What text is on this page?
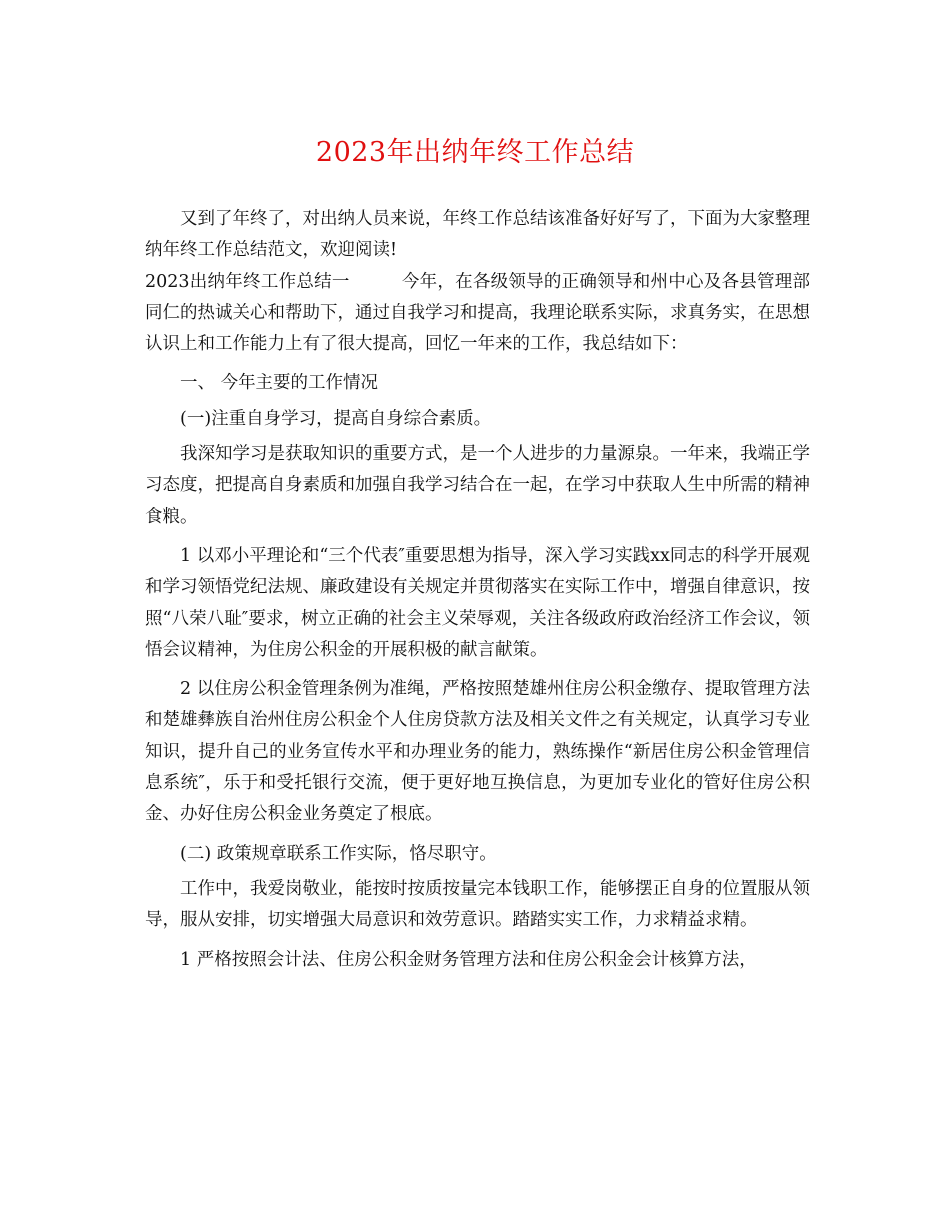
2023年出纳年终工作总结

又到了年终了，对出纳人员来说，年终工作总结该准备好好写了，下面为大家整理纳年终工作总结范文，欢迎阅读!

2023出纳年终工作总结一	今年，在各级领导的正确领导和州中心及各县管理部同仁的热诚关心和帮助下，通过自我学习和提高，我理论联系实际，求真务实，在思想认识上和工作能力上有了很大提高，回忆一年来的工作，我总结如下：

一、 今年主要的工作情况

(一)注重自身学习，提高自身综合素质。

我深知学习是获取知识的重要方式，是一个人进步的力量源泉。一年来，我端正学习态度，把提高自身素质和加强自我学习结合在一起，在学习中获取人生中所需的精神食粮。

1 以邓小平理论和“三个代表″重要思想为指导，深入学习实践xx同志的科学开展观和学习领悟党纪法规、廉政建设有关规定并贯彻落实在实际工作中，增强自律意识，按照“八荣八耻″要求，树立正确的社会主义荣辱观，关注各级政府政治经济工作会议，领悟会议精神，为住房公积金的开展积极的献言献策。

2 以住房公积金管理条例为准绳，严格按照楚雄州住房公积金缴存、提取管理方法和楚雄彝族自治州住房公积金个人住房贷款方法及相关文件之有关规定，认真学习专业知识，提升自己的业务宣传水平和办理业务的能力，熟练操作“新居住房公积金管理信息系统″，乐于和受托银行交流，便于更好地互换信息，为更加专业化的管好住房公积金、办好住房公积金业务奠定了根底。

(二) 政策规章联系工作实际，恪尽职守。

工作中，我爱岗敬业，能按时按质按量完本钱职工作，能够摆正自身的位置服从领导，服从安排，切实增强大局意识和效劳意识。踏踏实实工作，力求精益求精。

1 严格按照会计法、住房公积金财务管理方法和住房公积金会计核算方法，
